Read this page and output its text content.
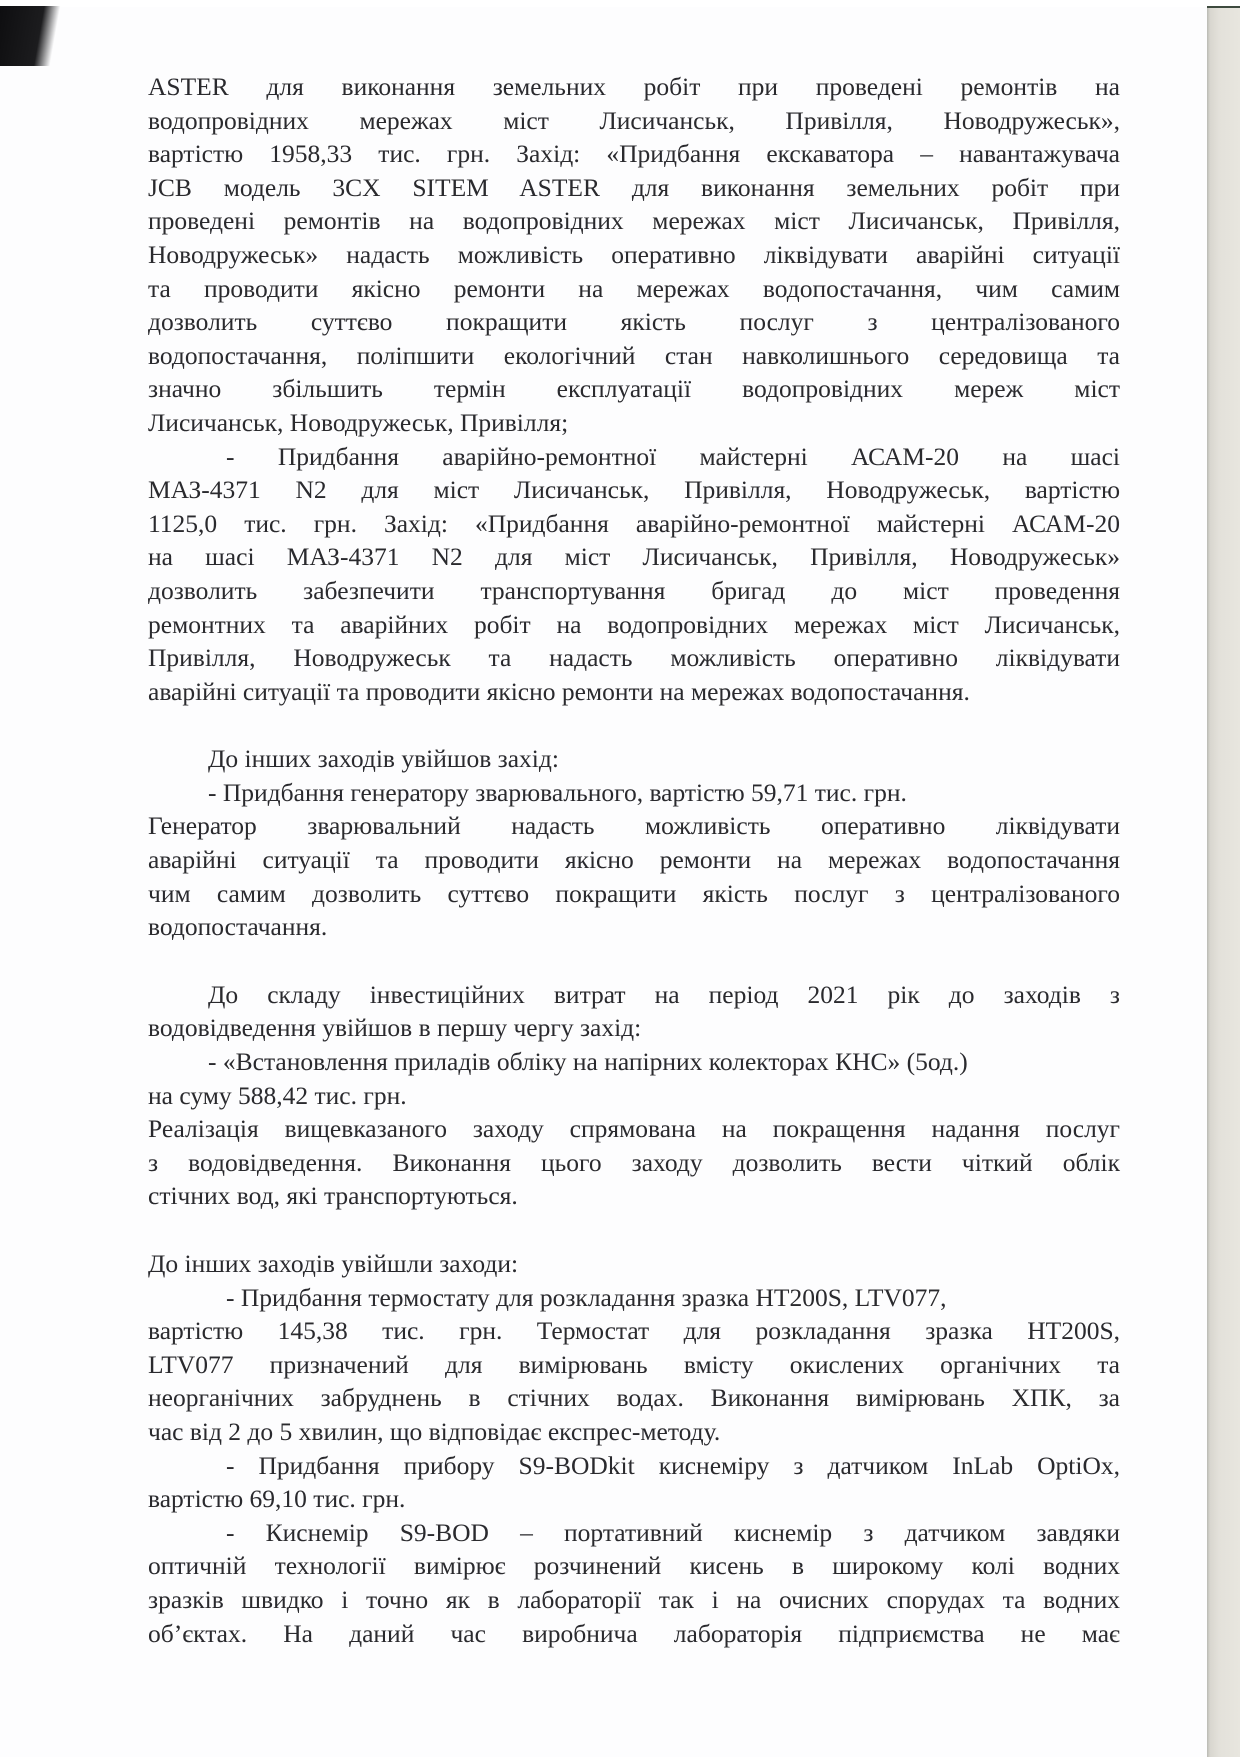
ASTER для виконання земельних робіт при проведені ремонтів на
водопровідних мережах міст Лисичанськ, Привілля, Новодружеськ»,
вартістю 1958,33 тис. грн. Захід: «Придбання екскаватора – навантажувача
JCB модель 3CX SITEM ASTER для виконання земельних робіт при
проведені ремонтів на водопровідних мережах міст Лисичанськ, Привілля,
Новодружеськ» надасть можливість оперативно ліквідувати аварійні ситуації
та проводити якісно ремонти на мережах водопостачання, чим самим
дозволить суттєво покращити якість послуг з централізованого
водопостачання, поліпшити екологічний стан навколишнього середовища та
значно збільшить термін експлуатації водопровідних мереж міст
Лисичанськ, Новодружеськ, Привілля;
- Придбання аварійно-ремонтної майстерні АСАМ-20 на шасі
МАЗ-4371 N2 для міст Лисичанськ, Привілля, Новодружеськ, вартістю
1125,0 тис. грн. Захід: «Придбання аварійно-ремонтної майстерні АСАМ-20
на шасі МАЗ-4371 N2 для міст Лисичанськ, Привілля, Новодружеськ»
дозволить забезпечити транспортування бригад до міст проведення
ремонтних та аварійних робіт на водопровідних мережах міст Лисичанськ,
Привілля, Новодружеськ та надасть можливість оперативно ліквідувати
аварійні ситуації та проводити якісно ремонти на мережах водопостачання.
До інших заходів увійшов захід:
- Придбання генератору зварювального, вартістю 59,71 тис. грн.
Генератор зварювальний надасть можливість оперативно ліквідувати
аварійні ситуації та проводити якісно ремонти на мережах водопостачання
чим самим дозволить суттєво покращити якість послуг з централізованого
водопостачання.
До складу інвестиційних витрат на період 2021 рік до заходів з
водовідведення увійшов в першу чергу захід:
- «Встановлення приладів обліку на напірних колекторах КНС» (5од.)
на суму 588,42 тис. грн.
Реалізація вищевказаного заходу спрямована на покращення надання послуг
з водовідведення. Виконання цього заходу дозволить вести чіткий облік
стічних вод, які транспортуються.
До інших заходів увійшли заходи:
- Придбання термостату для розкладання зразка HT200S, LTV077,
вартістю 145,38 тис. грн. Термостат для розкладання зразка HT200S,
LTV077 призначений для вимірювань вмісту окислених органічних та
неорганічних забруднень в стічних водах. Виконання вимірювань ХПК, за
час від 2 до 5 хвилин, що відповідає експрес-методу.
- Придбання прибору S9-BODkit киснеміру з датчиком InLab OptiOx,
вартістю 69,10 тис. грн.
- Киснемір S9-BOD – портативний киснемір з датчиком завдяки
оптичній технології вимірює розчинений кисень в широкому колі водних
зразків швидко і точно як в лабораторії так і на очисних спорудах та водних
об’єктах. На даний час виробнича лабораторія підприємства не має
